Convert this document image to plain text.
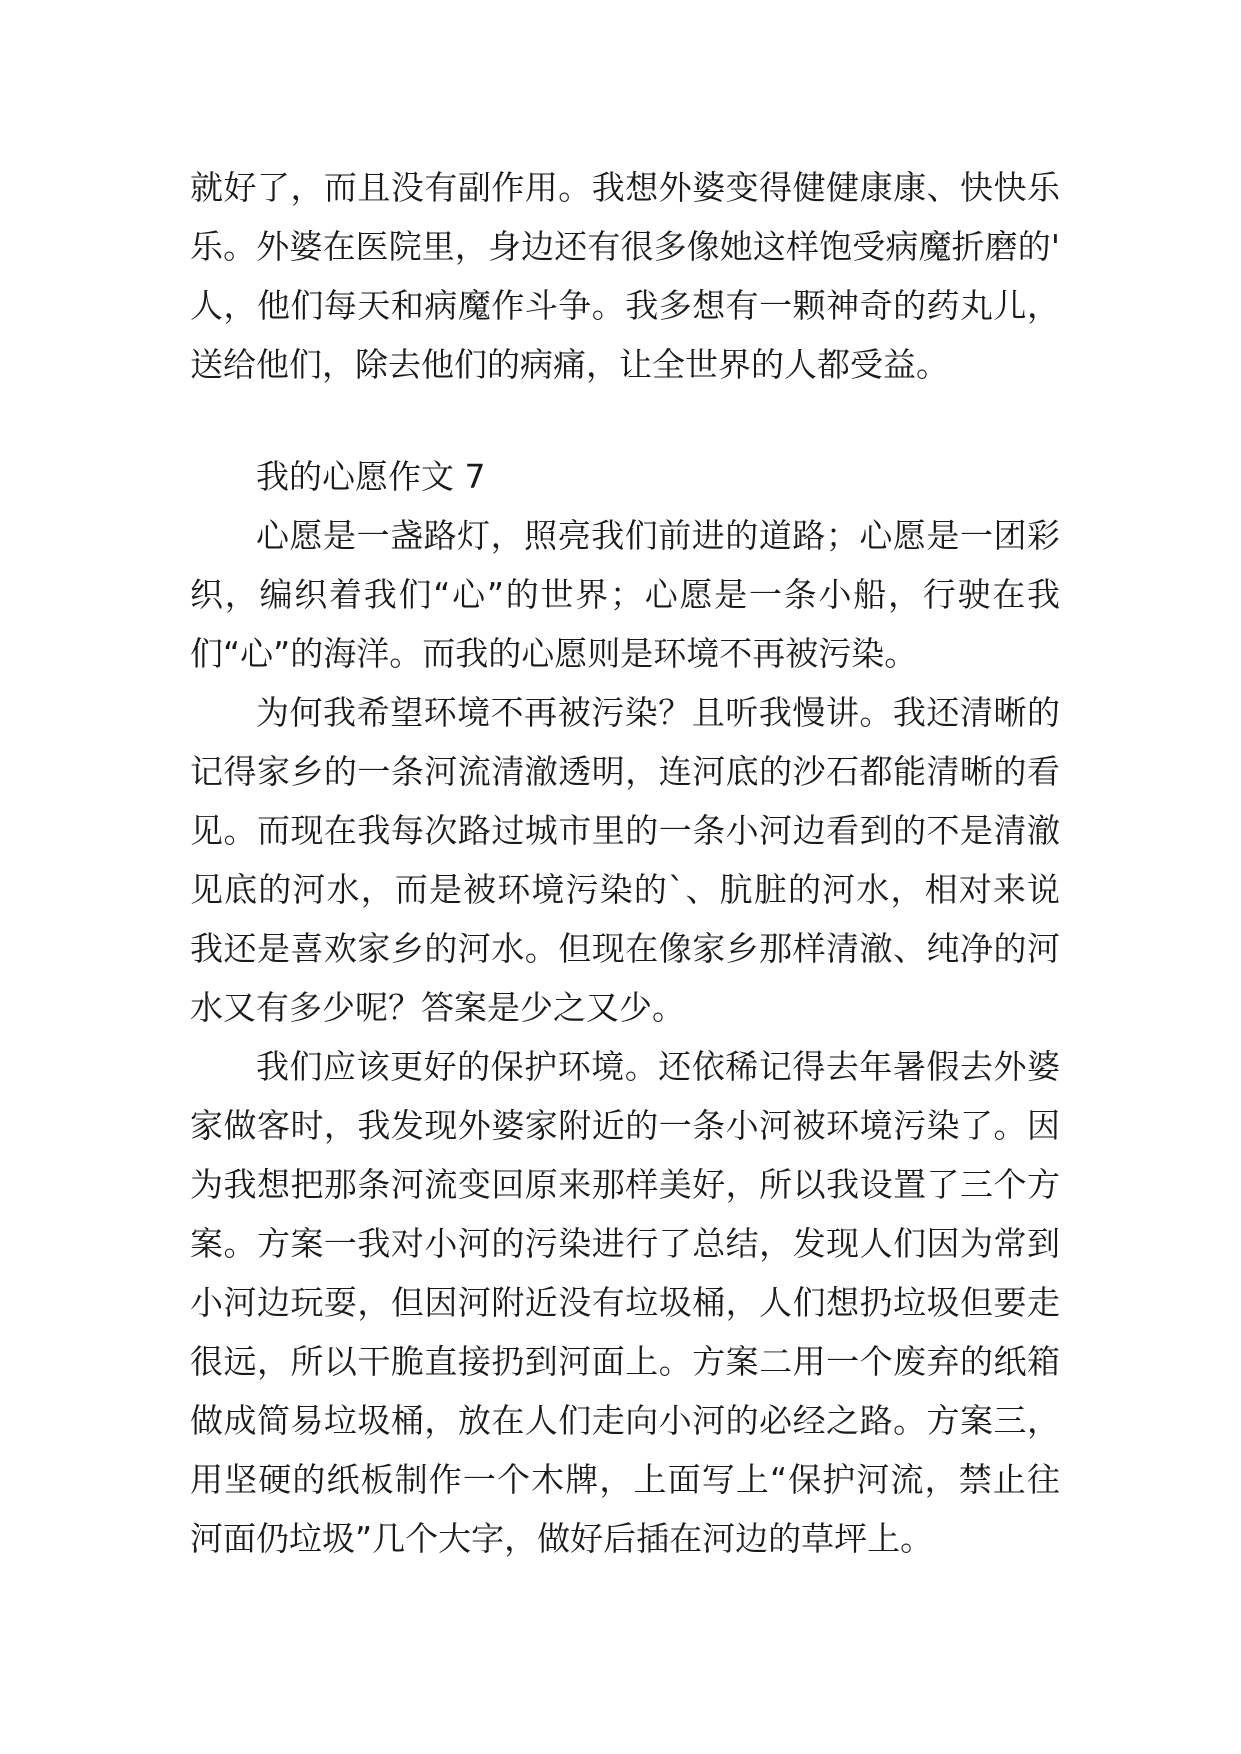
就好了，而且没有副作用。我想外婆变得健健康康、快快乐
乐。外婆在医院里，身边还有很多像她这样饱受病魔折磨的'
人，他们每天和病魔作斗争。我多想有一颗神奇的药丸儿，
送给他们，除去他们的病痛，让全世界的人都受益。
我的心愿作文 7
心愿是一盏路灯，照亮我们前进的道路；心愿是一团彩
织，编织着我们“心”的世界；心愿是一条小船，行驶在我
们“心”的海洋。而我的心愿则是环境不再被污染。
为何我希望环境不再被污染？且听我慢讲。我还清晰的
记得家乡的一条河流清澈透明，连河底的沙石都能清晰的看
见。而现在我每次路过城市里的一条小河边看到的不是清澈
见底的河水，而是被环境污染的`、肮脏的河水，相对来说
我还是喜欢家乡的河水。但现在像家乡那样清澈、纯净的河
水又有多少呢？答案是少之又少。
我们应该更好的保护环境。还依稀记得去年暑假去外婆
家做客时，我发现外婆家附近的一条小河被环境污染了。因
为我想把那条河流变回原来那样美好，所以我设置了三个方
案。方案一我对小河的污染进行了总结，发现人们因为常到
小河边玩耍，但因河附近没有垃圾桶，人们想扔垃圾但要走
很远，所以干脆直接扔到河面上。方案二用一个废弃的纸箱
做成简易垃圾桶，放在人们走向小河的必经之路。方案三，
用坚硬的纸板制作一个木牌，上面写上“保护河流，禁止往
河面仍垃圾”几个大字，做好后插在河边的草坪上。
